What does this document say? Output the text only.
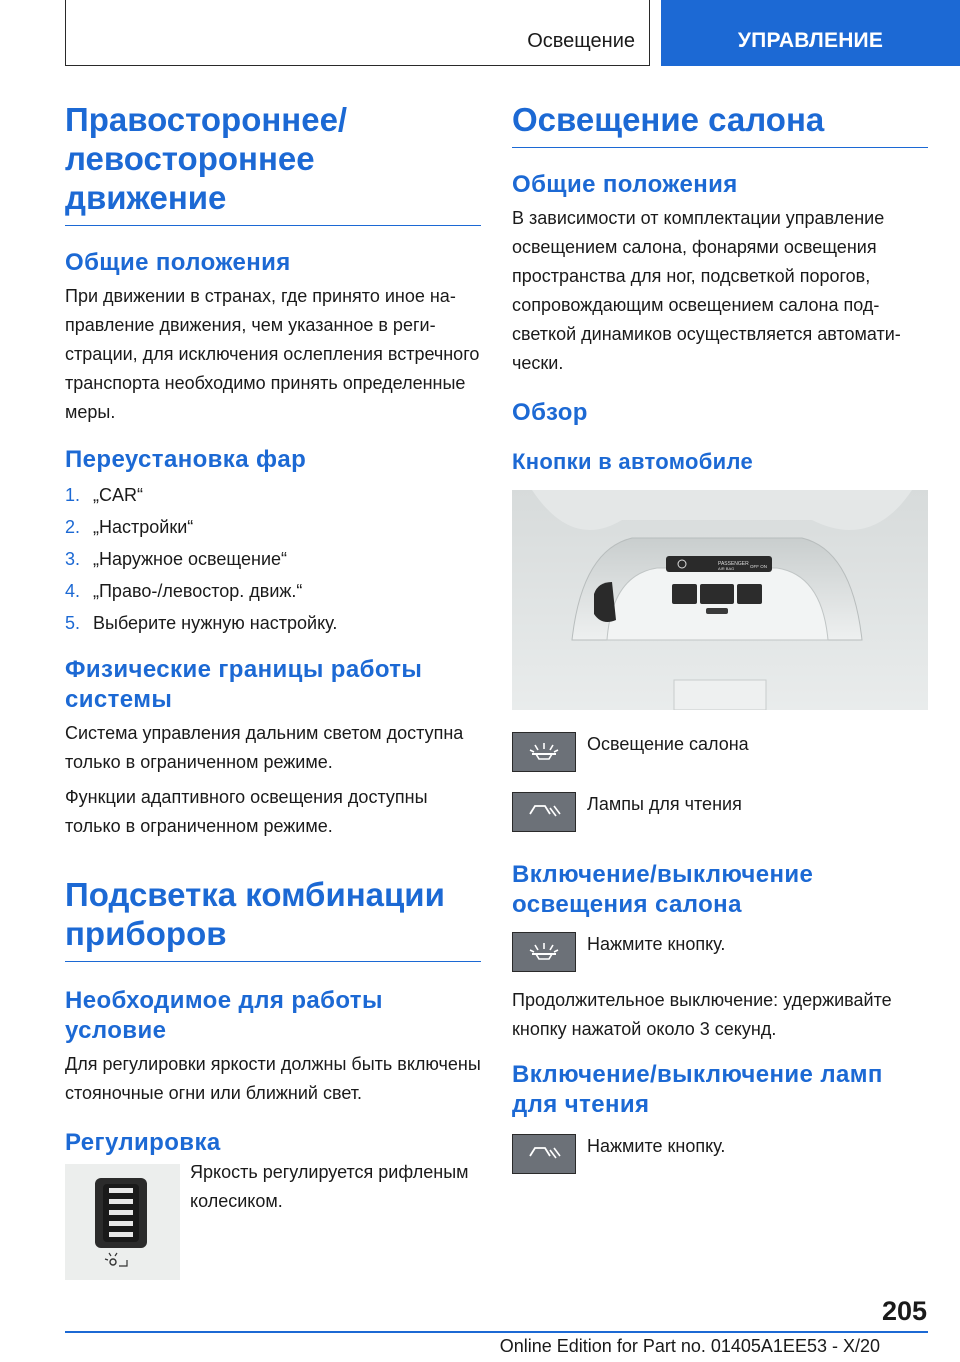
Освещение	УПРАВЛЕНИЕ
Правостороннее/ левостороннее движение
Общие положения

При движении в странах, где принято иное направление движения, чем указанное в регистрации, для исключения ослепления встречного транспорта необходимо принять определенные меры.

Переустановка фар
1. „CAR“
2. „Настройки“
3. „Наружное освещение“
4. „Право-/левостор. движ.“
5. Выберите нужную настройку.
Физические границы работы системы

Система управления дальним светом доступна только в ограниченном режиме.

Функции адаптивного освещения доступны только в ограниченном режиме.

Подсветка комбинации приборов
Необходимое для работы условие

Для регулировки яркости должны быть включены стояночные огни или ближний свет.

Регулировка

Яркость регулируется рифленым колесиком.

Освещение салона
Общие положения

В зависимости от комплектации управление освещением салона, фонарями освещения пространства для ног, подсветкой порогов, сопровождающим освещением салона подсветкой динамиков осуществляется автоматически.

Обзор
Кнопки в автомобиле
PASSENGER
AIR BAG	OFF ON

Освещение салона

Лампы для чтения

Включение/выключение освещения салона

Нажмите кнопку.

Продолжительное выключение: удерживайте кнопку нажатой около 3 секунд.

Включение/выключение ламп для чтения

Нажмите кнопку.

205
Online Edition for Part no. 01405A1EE53 - X/20
